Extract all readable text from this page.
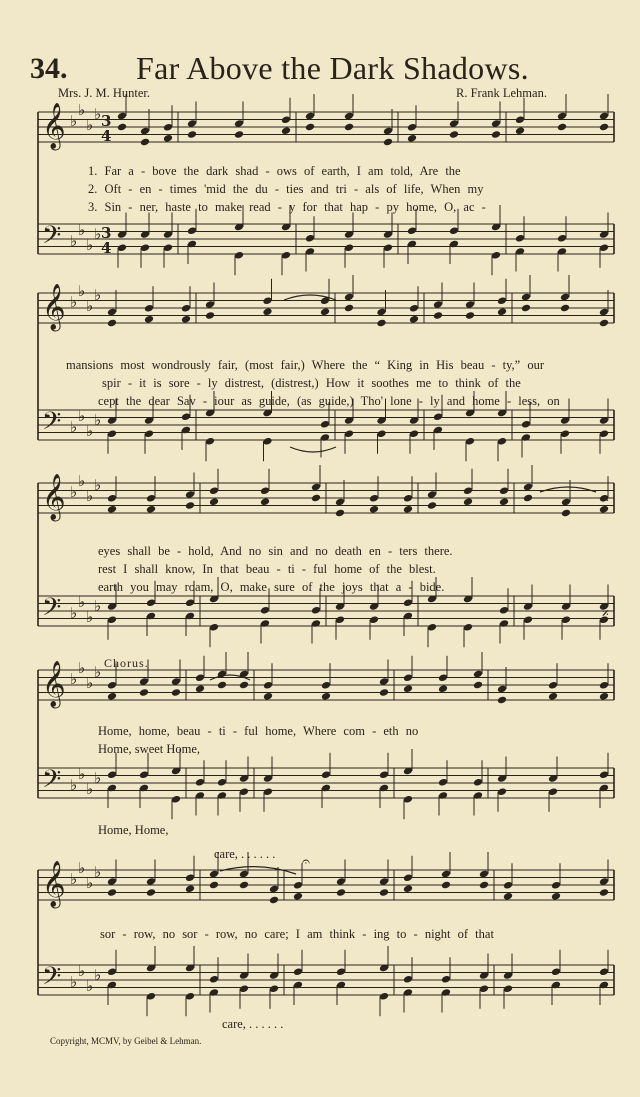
𝄞
𝄢
♭
♭
♭
♭
♭
♭
♭
♭
3
4
3
4
𝄞
𝄢
♭
♭
♭
♭
♭
♭
♭
♭
𝄞
𝄢
♭
♭
♭
♭
♭
♭
♭
♭
𝄞
𝄢
♭
♭
♭
♭
♭
♭
♭
♭
𝄞
𝄢
♭
♭
♭
♭
♭
♭
♭
♭
𝄐
𝄎
𝄎
34. Far Above the Dark Shadows.
Mrs. J. M. Hunter.	R. Frank Lehman.
1. Far a - bove the dark shad - ows of earth, I am told, Are the
2. Oft - en - times 'mid the du - ties and tri - als of life, When my
3. Sin - ner, haste to make read - y for that hap - py home, O, ac -
mansions most wondrously fair, (most fair,) Where the “ King in His beau - ty,” our
spir - it is sore - ly distrest, (distrest,) How it soothes me to think of the
cept the dear Sav - iour as guide, (as guide,) Tho' lone - ly and home - less, on
eyes shall be - hold, And no sin and no death en - ters there.
rest I shall know, In that beau - ti - ful home of the blest.
earth you may roam, O, make sure of the joys that a - bide.
Chorus.
Home, home, beau - ti - ful home, Where com - eth no
Home, sweet Home,
Home, Home,
care, . . . . . .
sor - row, no sor - row, no care; I am think - ing to - night of that
care, . . . . . .
Copyright, MCMV, by Geibel & Lehman.
